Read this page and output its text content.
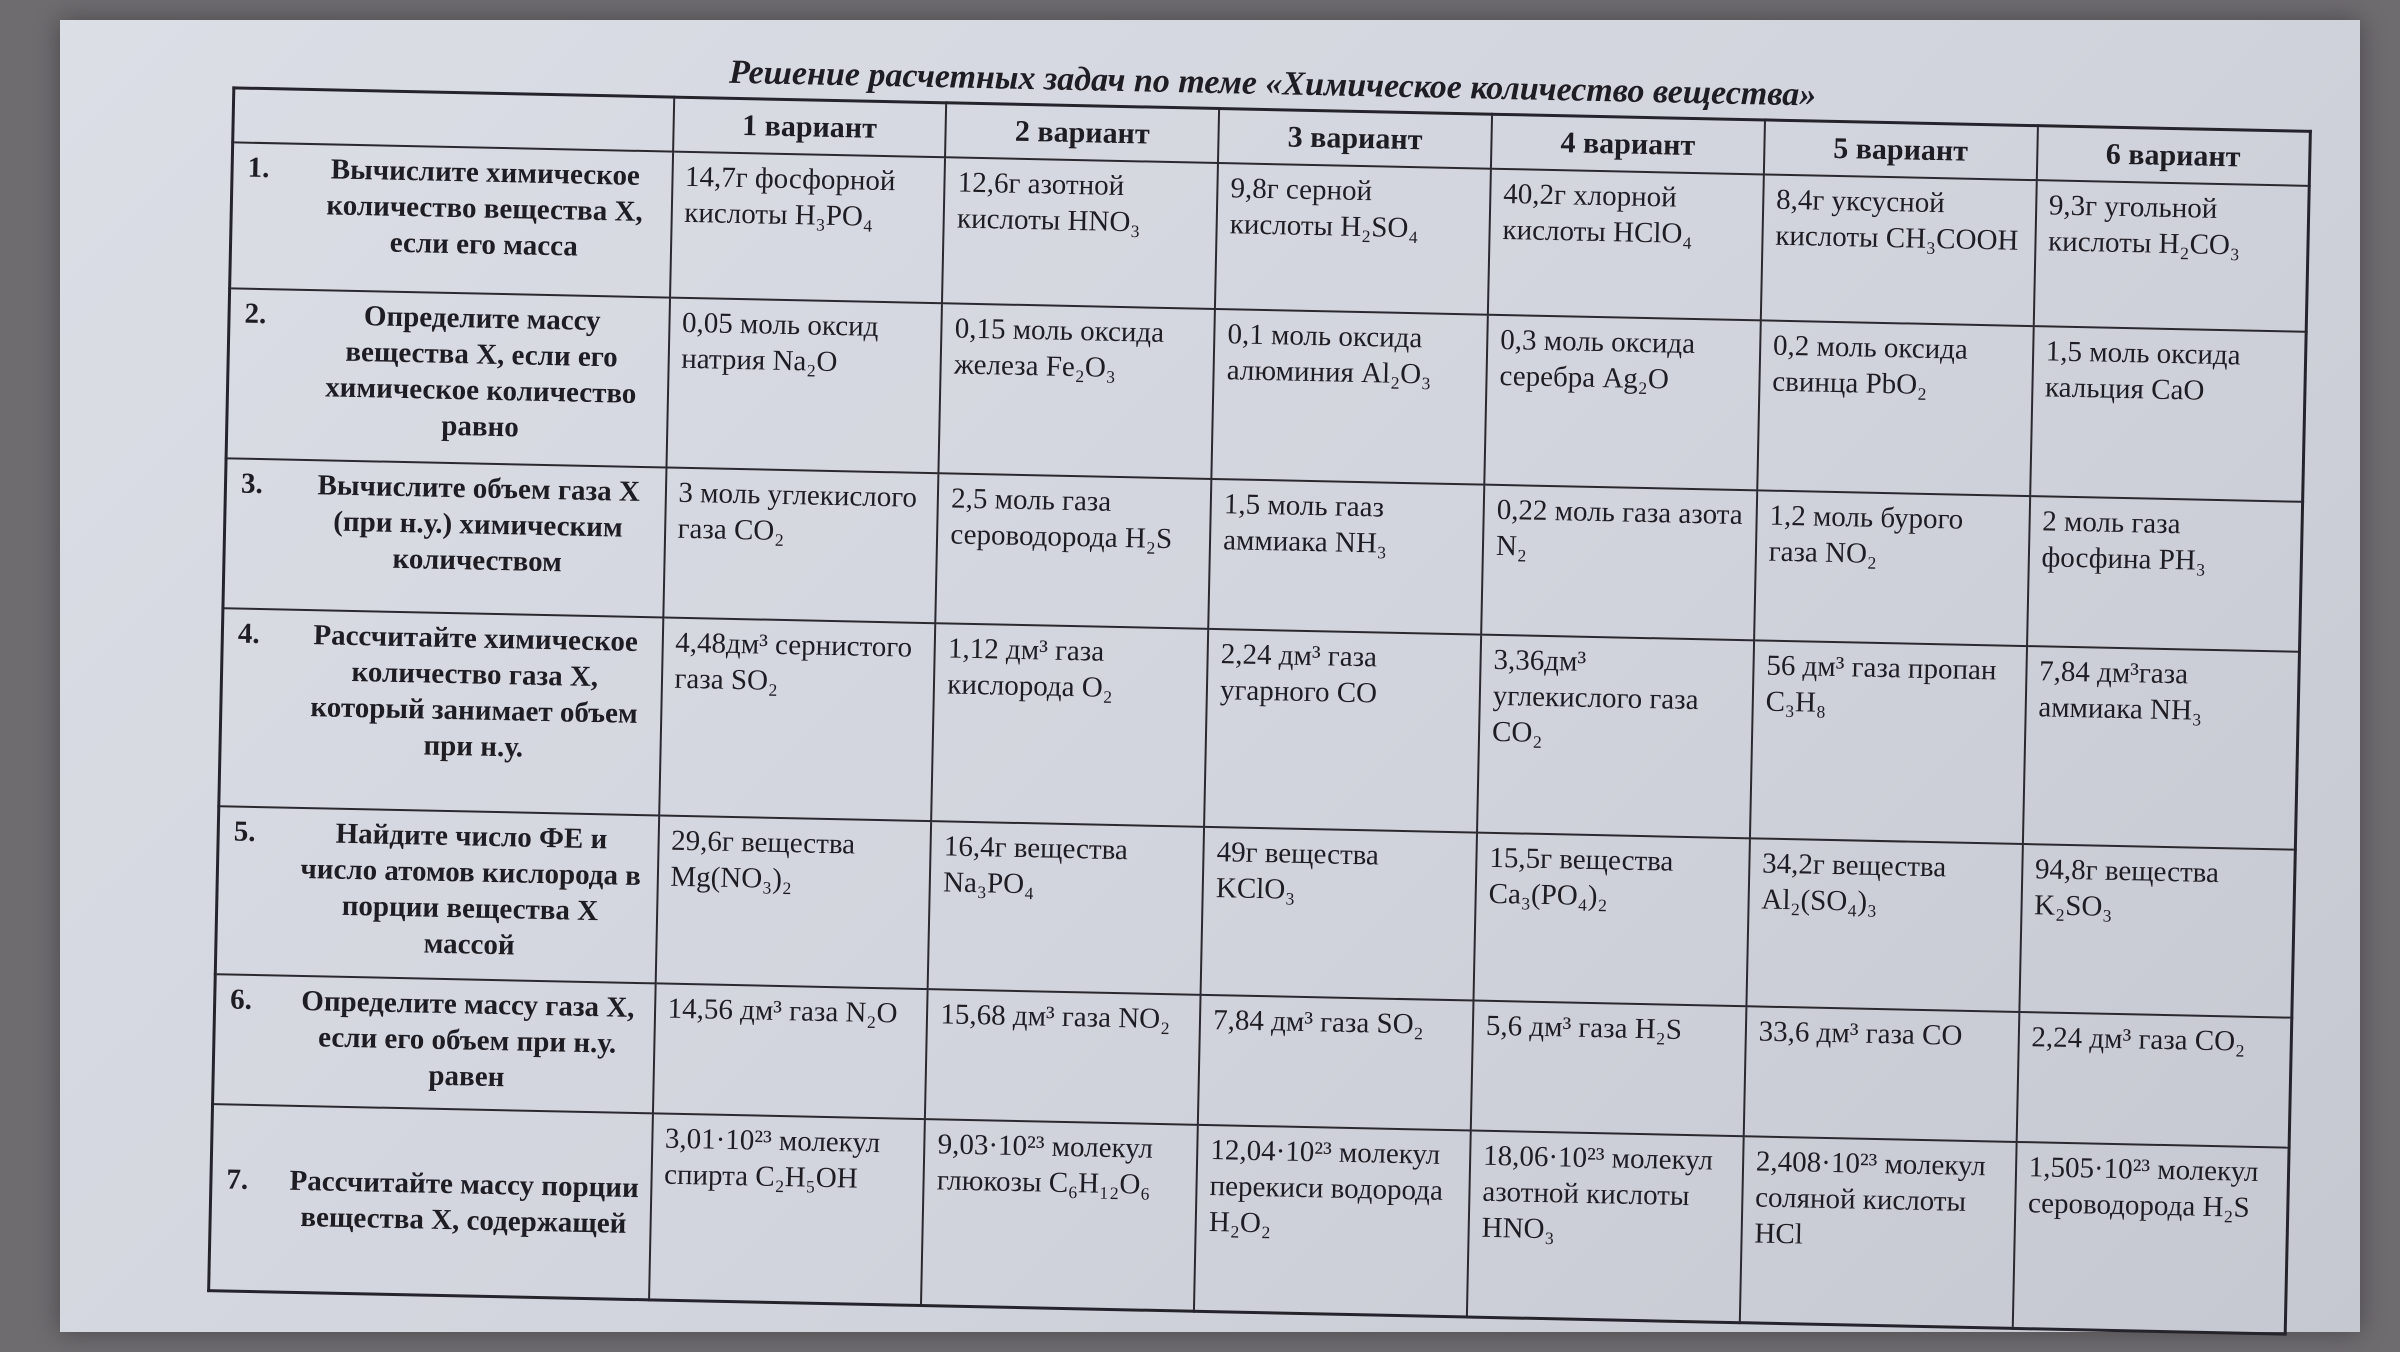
Решение расчетных задач по теме «Химическое количество вещества»
	1 вариант	2 вариант	3 вариант	4 вариант	5 вариант	6 вариант

1. Вычислите химическое количество вещества Х, если его масса	14,7г фосфорной кислоты H₃PO₄	12,6г азотной кислоты HNO₃	9,8г серной кислоты H₂SO₄	40,2г хлорной кислоты HClO₄	8,4г уксусной кислоты CH₃COOH	9,3г угольной кислоты H₂CO₃

2. Определите массу вещества Х, если его химическое количество равно	0,05 моль оксид натрия Na₂O	0,15 моль оксида железа Fe₂O₃	0,1 моль оксида алюминия Al₂O₃	0,3 моль оксида серебра Ag₂O	0,2 моль оксида свинца PbO₂	1,5 моль оксида кальция CaO

3. Вычислите объем газа Х (при н.у.) химическим количеством	3 моль углекислого газа CO₂	2,5 моль газа сероводорода H₂S	1,5 моль гааз аммиака NH₃	0,22 моль газа азота N₂	1,2 моль бурого газа NO₂	2 моль газа фосфина PH₃

4. Рассчитайте химическое количество газа Х, который занимает объем при н.у.	4,48дм³ сернистого газа SO₂	1,12 дм³ газа кислорода O₂	2,24 дм³ газа угарного CO	3,36дм³ углекислого газа CO₂	56 дм³ газа пропан C₃H₈	7,84 дм³газа аммиака NH₃

5. Найдите число ФЕ и число атомов кислорода в порции вещества Х массой	29,6г вещества Mg(NO₃)₂	16,4г вещества Na₃PO₄	49г вещества KClO₃	15,5г вещества Ca₃(PO₄)₂	34,2г вещества Al₂(SO₄)₃	94,8г вещества K₂SO₃

6. Определите массу газа Х, если его объем при н.у. равен	14,56 дм³ газа N₂O	15,68 дм³ газа NO₂	7,84 дм³ газа SO₂	5,6 дм³ газа H₂S	33,6 дм³ газа CO	2,24 дм³ газа CO₂

7. Рассчитайте массу порции вещества Х, содержащей	3,01·10²³ молекул спирта C₂H₅OH	9,03·10²³ молекул глюкозы C₆H₁₂O₆	12,04·10²³ молекул перекиси водорода H₂O₂	18,06·10²³ молекул азотной кислоты HNO₃	2,408·10²³ молекул соляной кислоты HCl	1,505·10²³ молекул сероводорода H₂S
